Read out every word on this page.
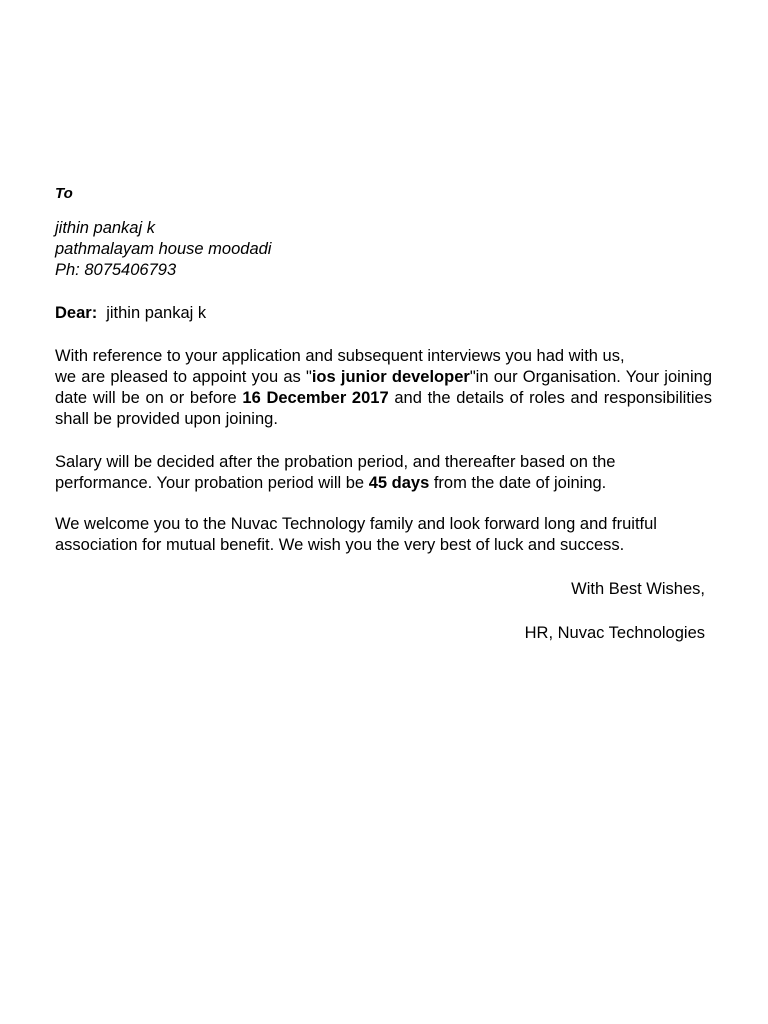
To
jithin pankaj k
pathmalayam house moodadi
Ph: 8075406793
Dear: jithin pankaj k

With reference to your application and subsequent interviews you had with us,
we are pleased to appoint you as "ios junior developer"in our Organisation. Your joining date will be on or before 16 December 2017 and the details of roles and responsibilities shall be provided upon joining.

Salary will be decided after the probation period, and thereafter based on the performance. Your probation period will be 45 days from the date of joining.

We welcome you to the Nuvac Technology family and look forward long and fruitful association for mutual benefit. We wish you the very best of luck and success.

With Best Wishes,
HR, Nuvac Technologies
